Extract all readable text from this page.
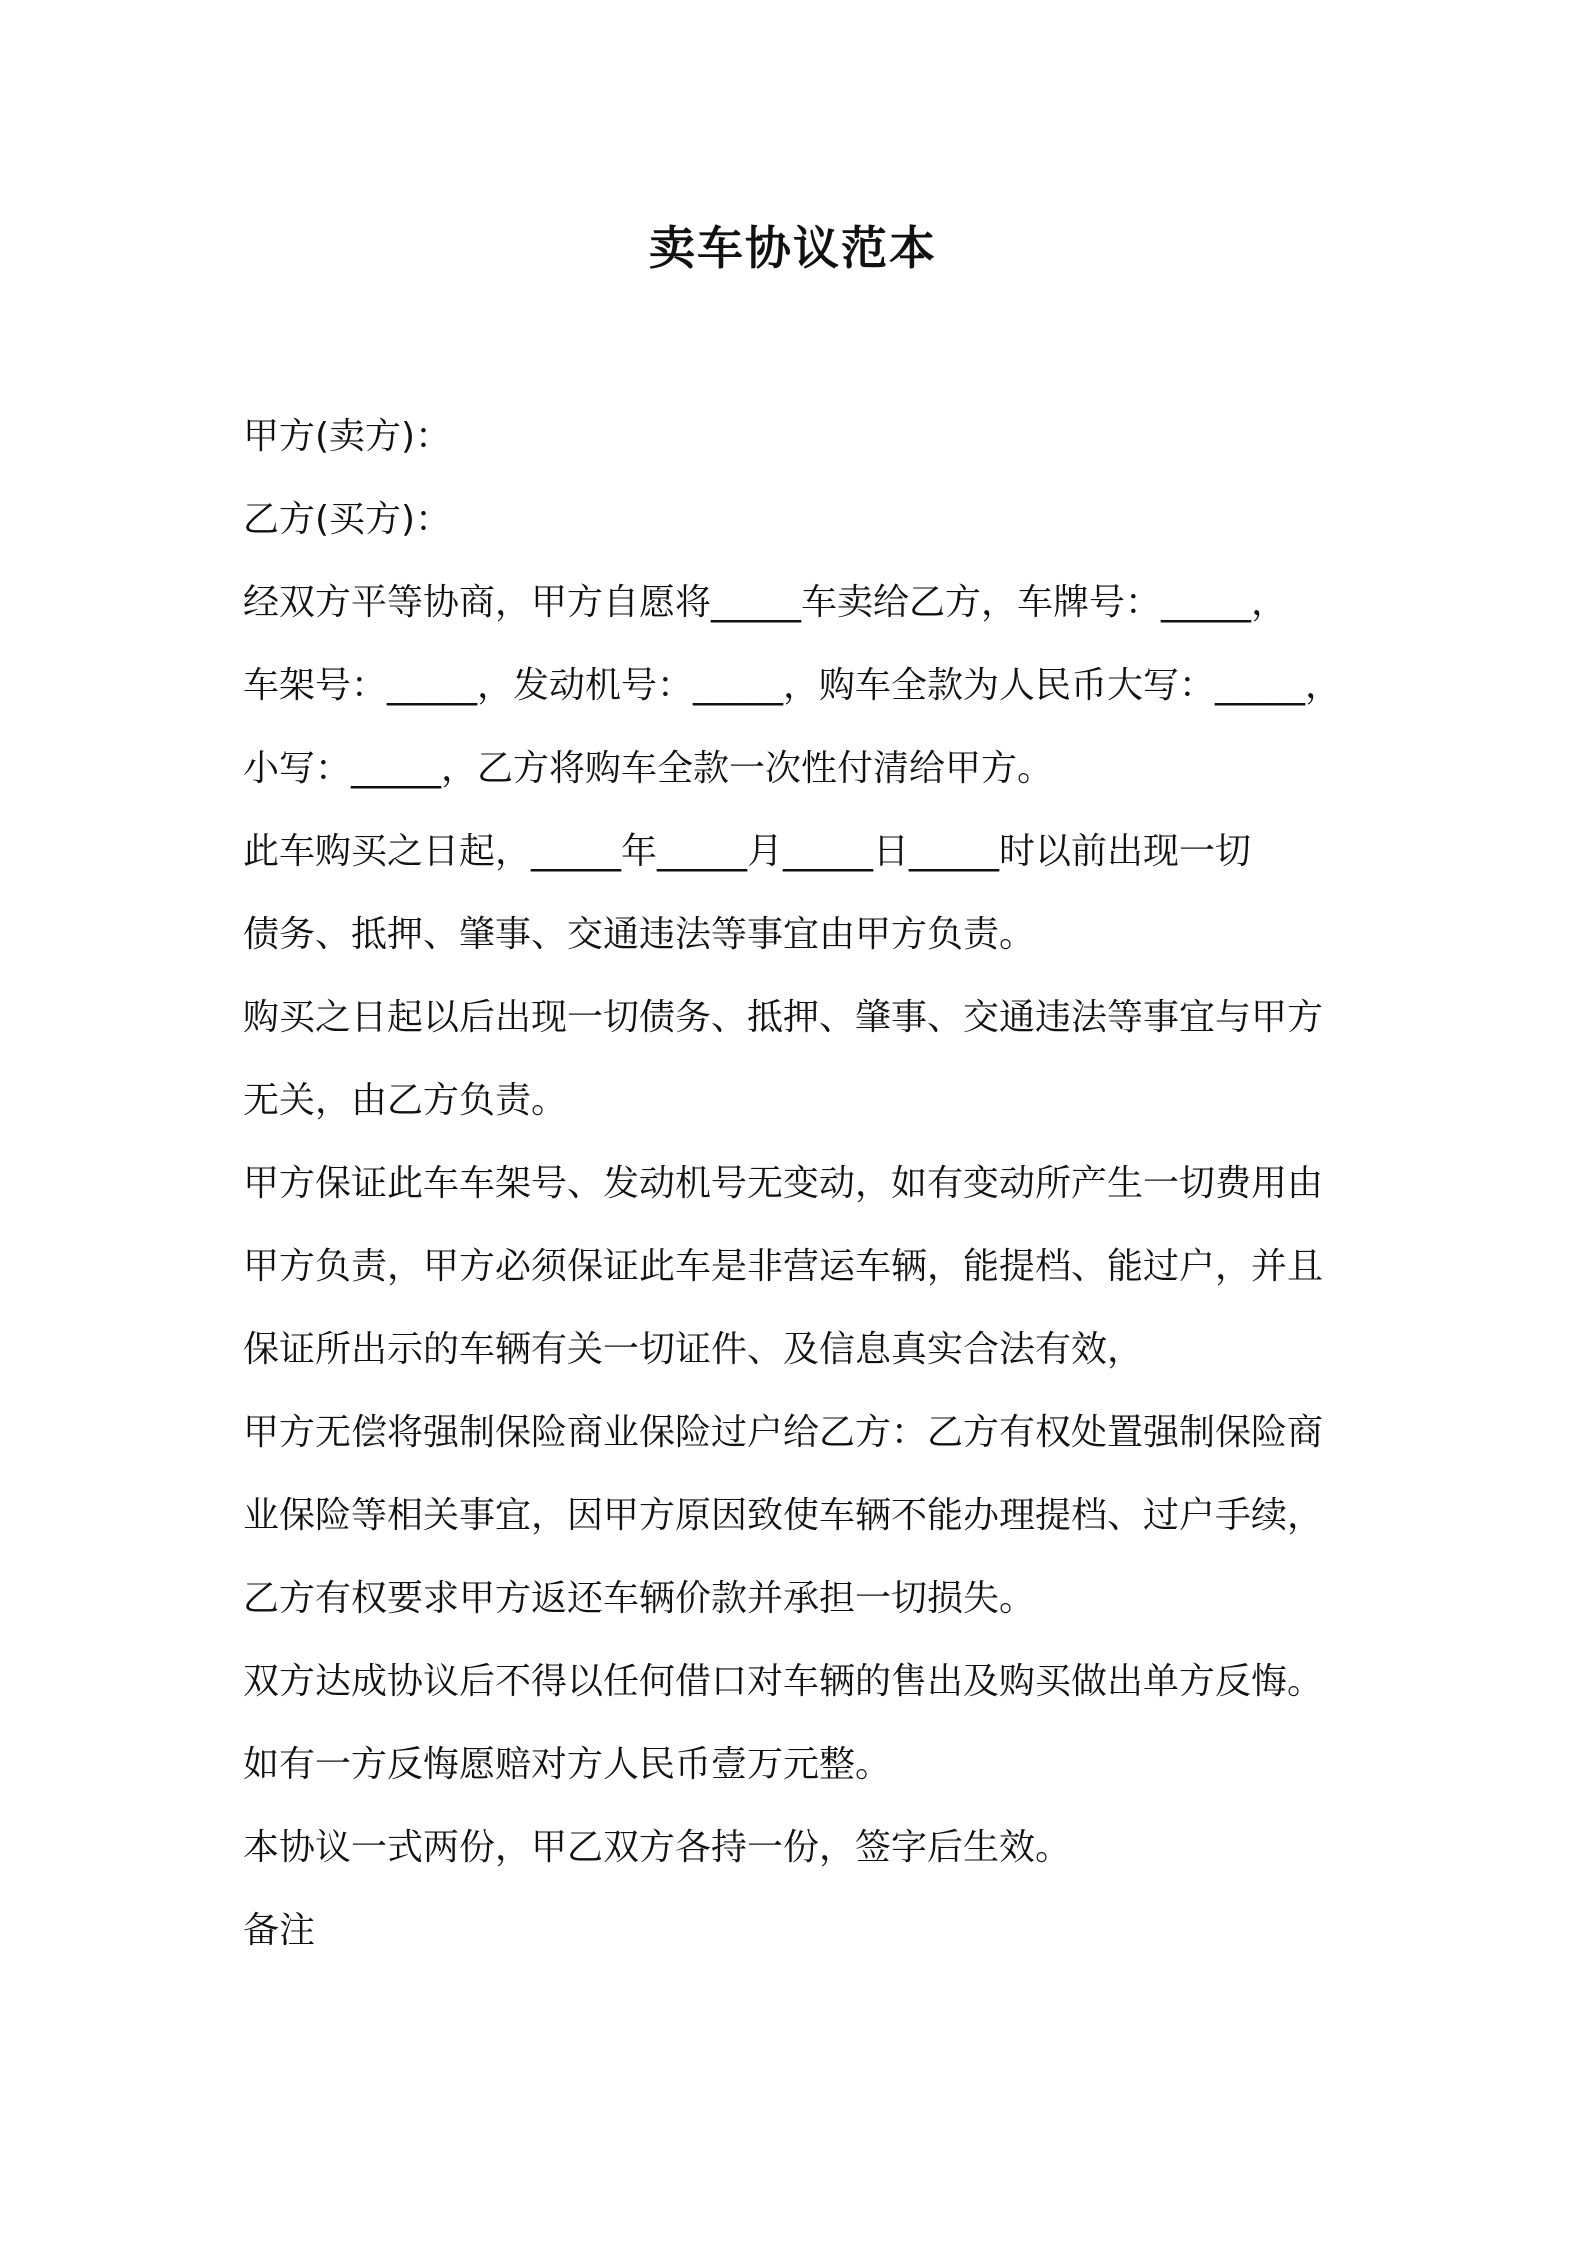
卖车协议范本
甲方(卖方)：
乙方(买方)：
经双方平等协商，甲方自愿将_____车卖给乙方，车牌号：_____，
车架号：_____，发动机号：_____，购车全款为人民币大写：_____，
小写：_____，乙方将购车全款一次性付清给甲方。
此车购买之日起，_____年_____月_____日_____时以前出现一切
债务、抵押、肇事、交通违法等事宜由甲方负责。
购买之日起以后出现一切债务、抵押、肇事、交通违法等事宜与甲方
无关，由乙方负责。
甲方保证此车车架号、发动机号无变动，如有变动所产生一切费用由
甲方负责，甲方必须保证此车是非营运车辆，能提档、能过户，并且
保证所出示的车辆有关一切证件、及信息真实合法有效，
甲方无偿将强制保险商业保险过户给乙方：乙方有权处置强制保险商
业保险等相关事宜，因甲方原因致使车辆不能办理提档、过户手续，
乙方有权要求甲方返还车辆价款并承担一切损失。
双方达成协议后不得以任何借口对车辆的售出及购买做出单方反悔。
如有一方反悔愿赔对方人民币壹万元整。
本协议一式两份，甲乙双方各持一份，签字后生效。
备注
